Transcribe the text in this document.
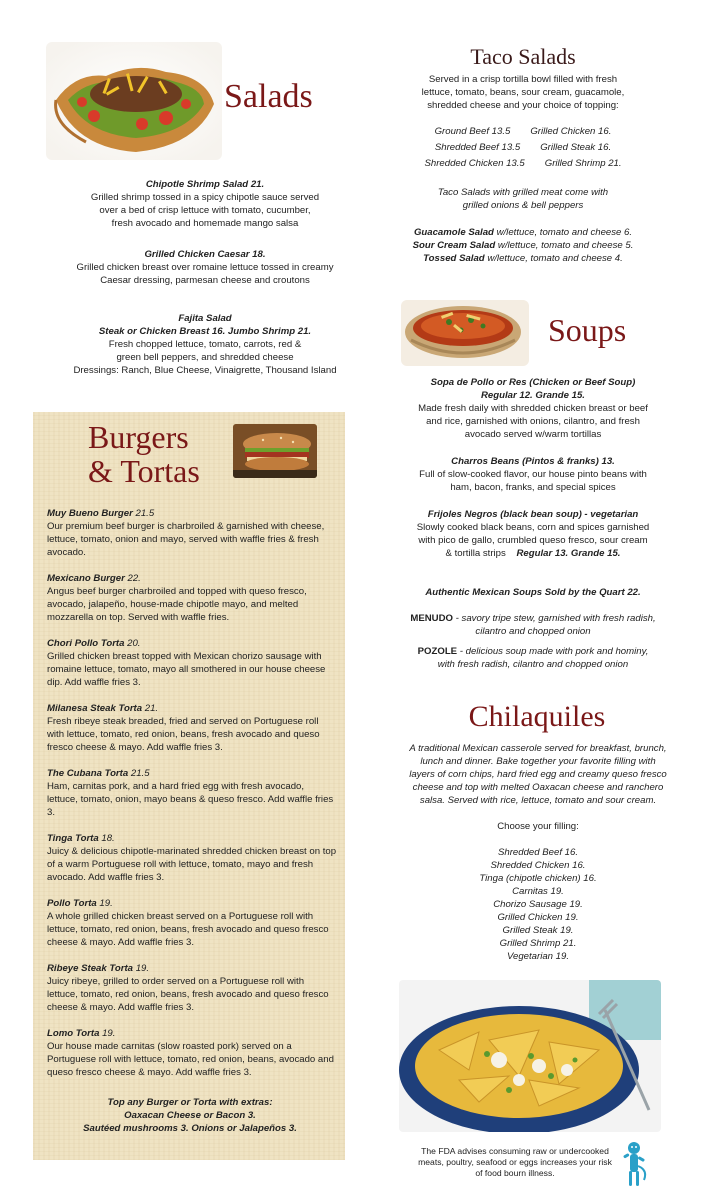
Salads

Chipotle Shrimp Salad 21.

Grilled shrimp tossed in a spicy chipotle sauce served

over a bed of crisp lettuce with tomato, cucumber,

fresh avocado and homemade mango salsa

Grilled Chicken Caesar 18.

Grilled chicken breast over romaine lettuce tossed in creamy

Caesar dressing, parmesan cheese and croutons

Fajita Salad

Steak or Chicken Breast 16. Jumbo Shrimp 21.

Fresh chopped lettuce, tomato, carrots, red &

green bell peppers, and shredded cheese

Dressings: Ranch, Blue Cheese, Vinaigrette, Thousand Island

Taco Salads

Served in a crisp tortilla bowl filled with fresh

lettuce, tomato, beans, sour cream, guacamole,

shredded cheese and your choice of topping:

Ground Beef 13.5 Grilled Chicken 16.
Shredded Beef 13.5 Grilled Steak 16.
Shredded Chicken 13.5 Grilled Shrimp 21.

Taco Salads with grilled meat come with

grilled onions & bell peppers

Guacamole Salad w/lettuce, tomato and cheese 6.

Sour Cream Salad w/lettuce, tomato and cheese 5.

Tossed Salad w/lettuce, tomato and cheese 4.

Burgers
& Tortas

Muy Bueno Burger 21.5

Our premium beef burger is charbroiled & garnished with cheese, lettuce, tomato, onion and mayo, served with waffle fries & fresh avocado.

Mexicano Burger 22.

Angus beef burger charbroiled and topped with queso fresco, avocado, jalapeño, house-made chipotle mayo, and melted mozzarella on top. Served with waffle fries.

Chori Pollo Torta 20.

Grilled chicken breast topped with Mexican chorizo sausage with romaine lettuce, tomato, mayo all smothered in our house cheese dip. Add waffle fries 3.

Milanesa Steak Torta 21.

Fresh ribeye steak breaded, fried and served on Portuguese roll with lettuce, tomato, red onion, beans, fresh avocado and queso fresco cheese & mayo. Add waffle fries 3.

The Cubana Torta 21.5

Ham, carnitas pork, and a hard fried egg with fresh avocado, lettuce, tomato, onion, mayo beans & queso fresco. Add waffle fries 3.

Tinga Torta 18.

Juicy & delicious chipotle-marinated shredded chicken breast on top of a warm Portuguese roll with lettuce, tomato, mayo and fresh avocado. Add waffle fries 3.

Pollo Torta 19.

A whole grilled chicken breast served on a Portuguese roll with lettuce, tomato, red onion, beans, fresh avocado and queso fresco cheese & mayo. Add waffle fries 3.

Ribeye Steak Torta 19.

Juicy ribeye, grilled to order served on a Portuguese roll with lettuce, tomato, red onion, beans, fresh avocado and queso fresco cheese & mayo. Add waffle fries 3.

Lomo Torta 19.

Our house made carnitas (slow roasted pork) served on a Portuguese roll with lettuce, tomato, red onion, beans, avocado and queso fresco cheese & mayo. Add waffle fries 3.

Top any Burger or Torta with extras:

Oaxacan Cheese or Bacon 3.

Sautéed mushrooms 3. Onions or Jalapeños 3.

Soups

Sopa de Pollo or Res (Chicken or Beef Soup)

Regular 12. Grande 15.

Made fresh daily with shredded chicken breast or beef

and rice, garnished with onions, cilantro, and fresh

avocado served w/warm tortillas

Charros Beans (Pintos & franks) 13.

Full of slow-cooked flavor, our house pinto beans with

ham, bacon, franks, and special spices

Frijoles Negros (black bean soup) - vegetarian

Slowly cooked black beans, corn and spices garnished

with pico de gallo, crumbled queso fresco, sour cream

& tortilla strips Regular 13. Grande 15.

Authentic Mexican Soups Sold by the Quart 22.

MENUDO - savory tripe stew, garnished with fresh radish,

cilantro and chopped onion

POZOLE - delicious soup made with pork and hominy,

with fresh radish, cilantro and chopped onion

Chilaquiles

A traditional Mexican casserole served for breakfast, brunch,

lunch and dinner. Bake together your favorite filling with

layers of corn chips, hard fried egg and creamy queso fresco

cheese and top with melted Oaxacan cheese and ranchero

salsa. Served with rice, lettuce, tomato and sour cream.

Choose your filling:

Shredded Beef 16.

Shredded Chicken 16.

Tinga (chipotle chicken) 16.

Carnitas 19.

Chorizo Sausage 19.

Grilled Chicken 19.

Grilled Steak 19.

Grilled Shrimp 21.

Vegetarian 19.

The FDA advises consuming raw or undercooked meats, poultry, seafood or eggs increases your risk of food bourn illness.
